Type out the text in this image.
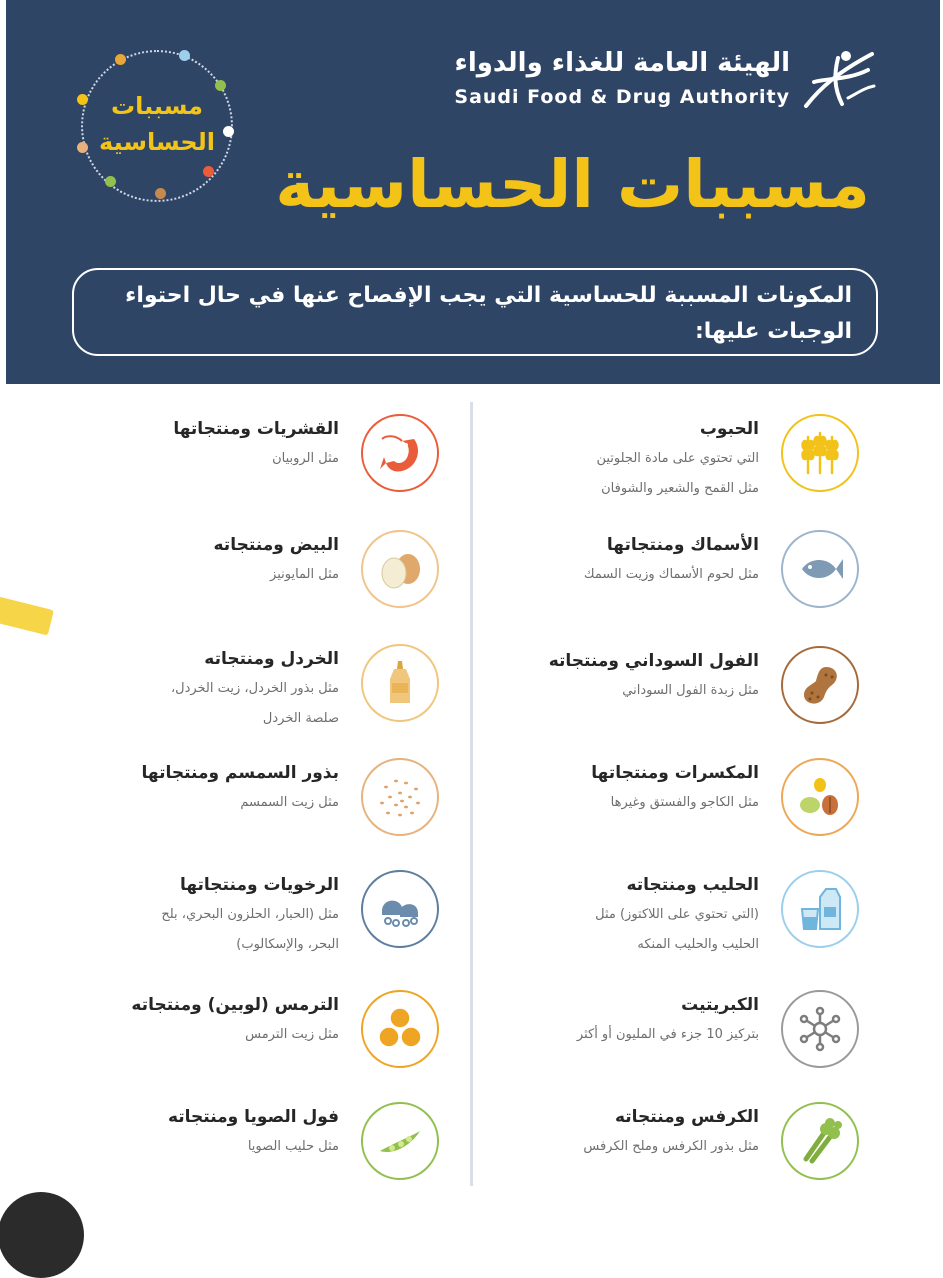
مسببات
الحساسية
الهيئة العامة للغذاء والدواء
Saudi Food & Drug Authority
مسببات الحساسية
المكونات المسببة للحساسية التي يجب الإفصاح عنها في حال احتواء الوجبات عليها:
الحبوب
التي تحتوي على مادة الجلوتين
مثل القمح والشعير والشوفان
الأسماك ومنتجاتها
مثل لحوم الأسماك وزيت السمك
الفول السوداني ومنتجاته
مثل زبدة الفول السوداني
المكسرات ومنتجاتها
مثل الكاجو والفستق وغيرها
الحليب ومنتجاته
(التي تحتوي على اللاكتوز) مثل
الحليب والحليب المنكه
الكبريتيت
بتركيز 10 جزء في المليون أو أكثر
الكرفس ومنتجاته
مثل بذور الكرفس وملح الكرفس
القشريات ومنتجاتها
مثل الروبيان
البيض ومنتجاته
مثل المايونيز
الخردل ومنتجاته
مثل بذور الخردل، زيت الخردل،
صلصة الخردل
بذور السمسم ومنتجاتها
مثل زيت السمسم
الرخويات ومنتجاتها
مثل (الحبار، الحلزون البحري، بلح
البحر، والإسكالوب)
الترمس (لوبين) ومنتجاته
مثل زيت الترمس
فول الصويا ومنتجاته
مثل حليب الصويا
